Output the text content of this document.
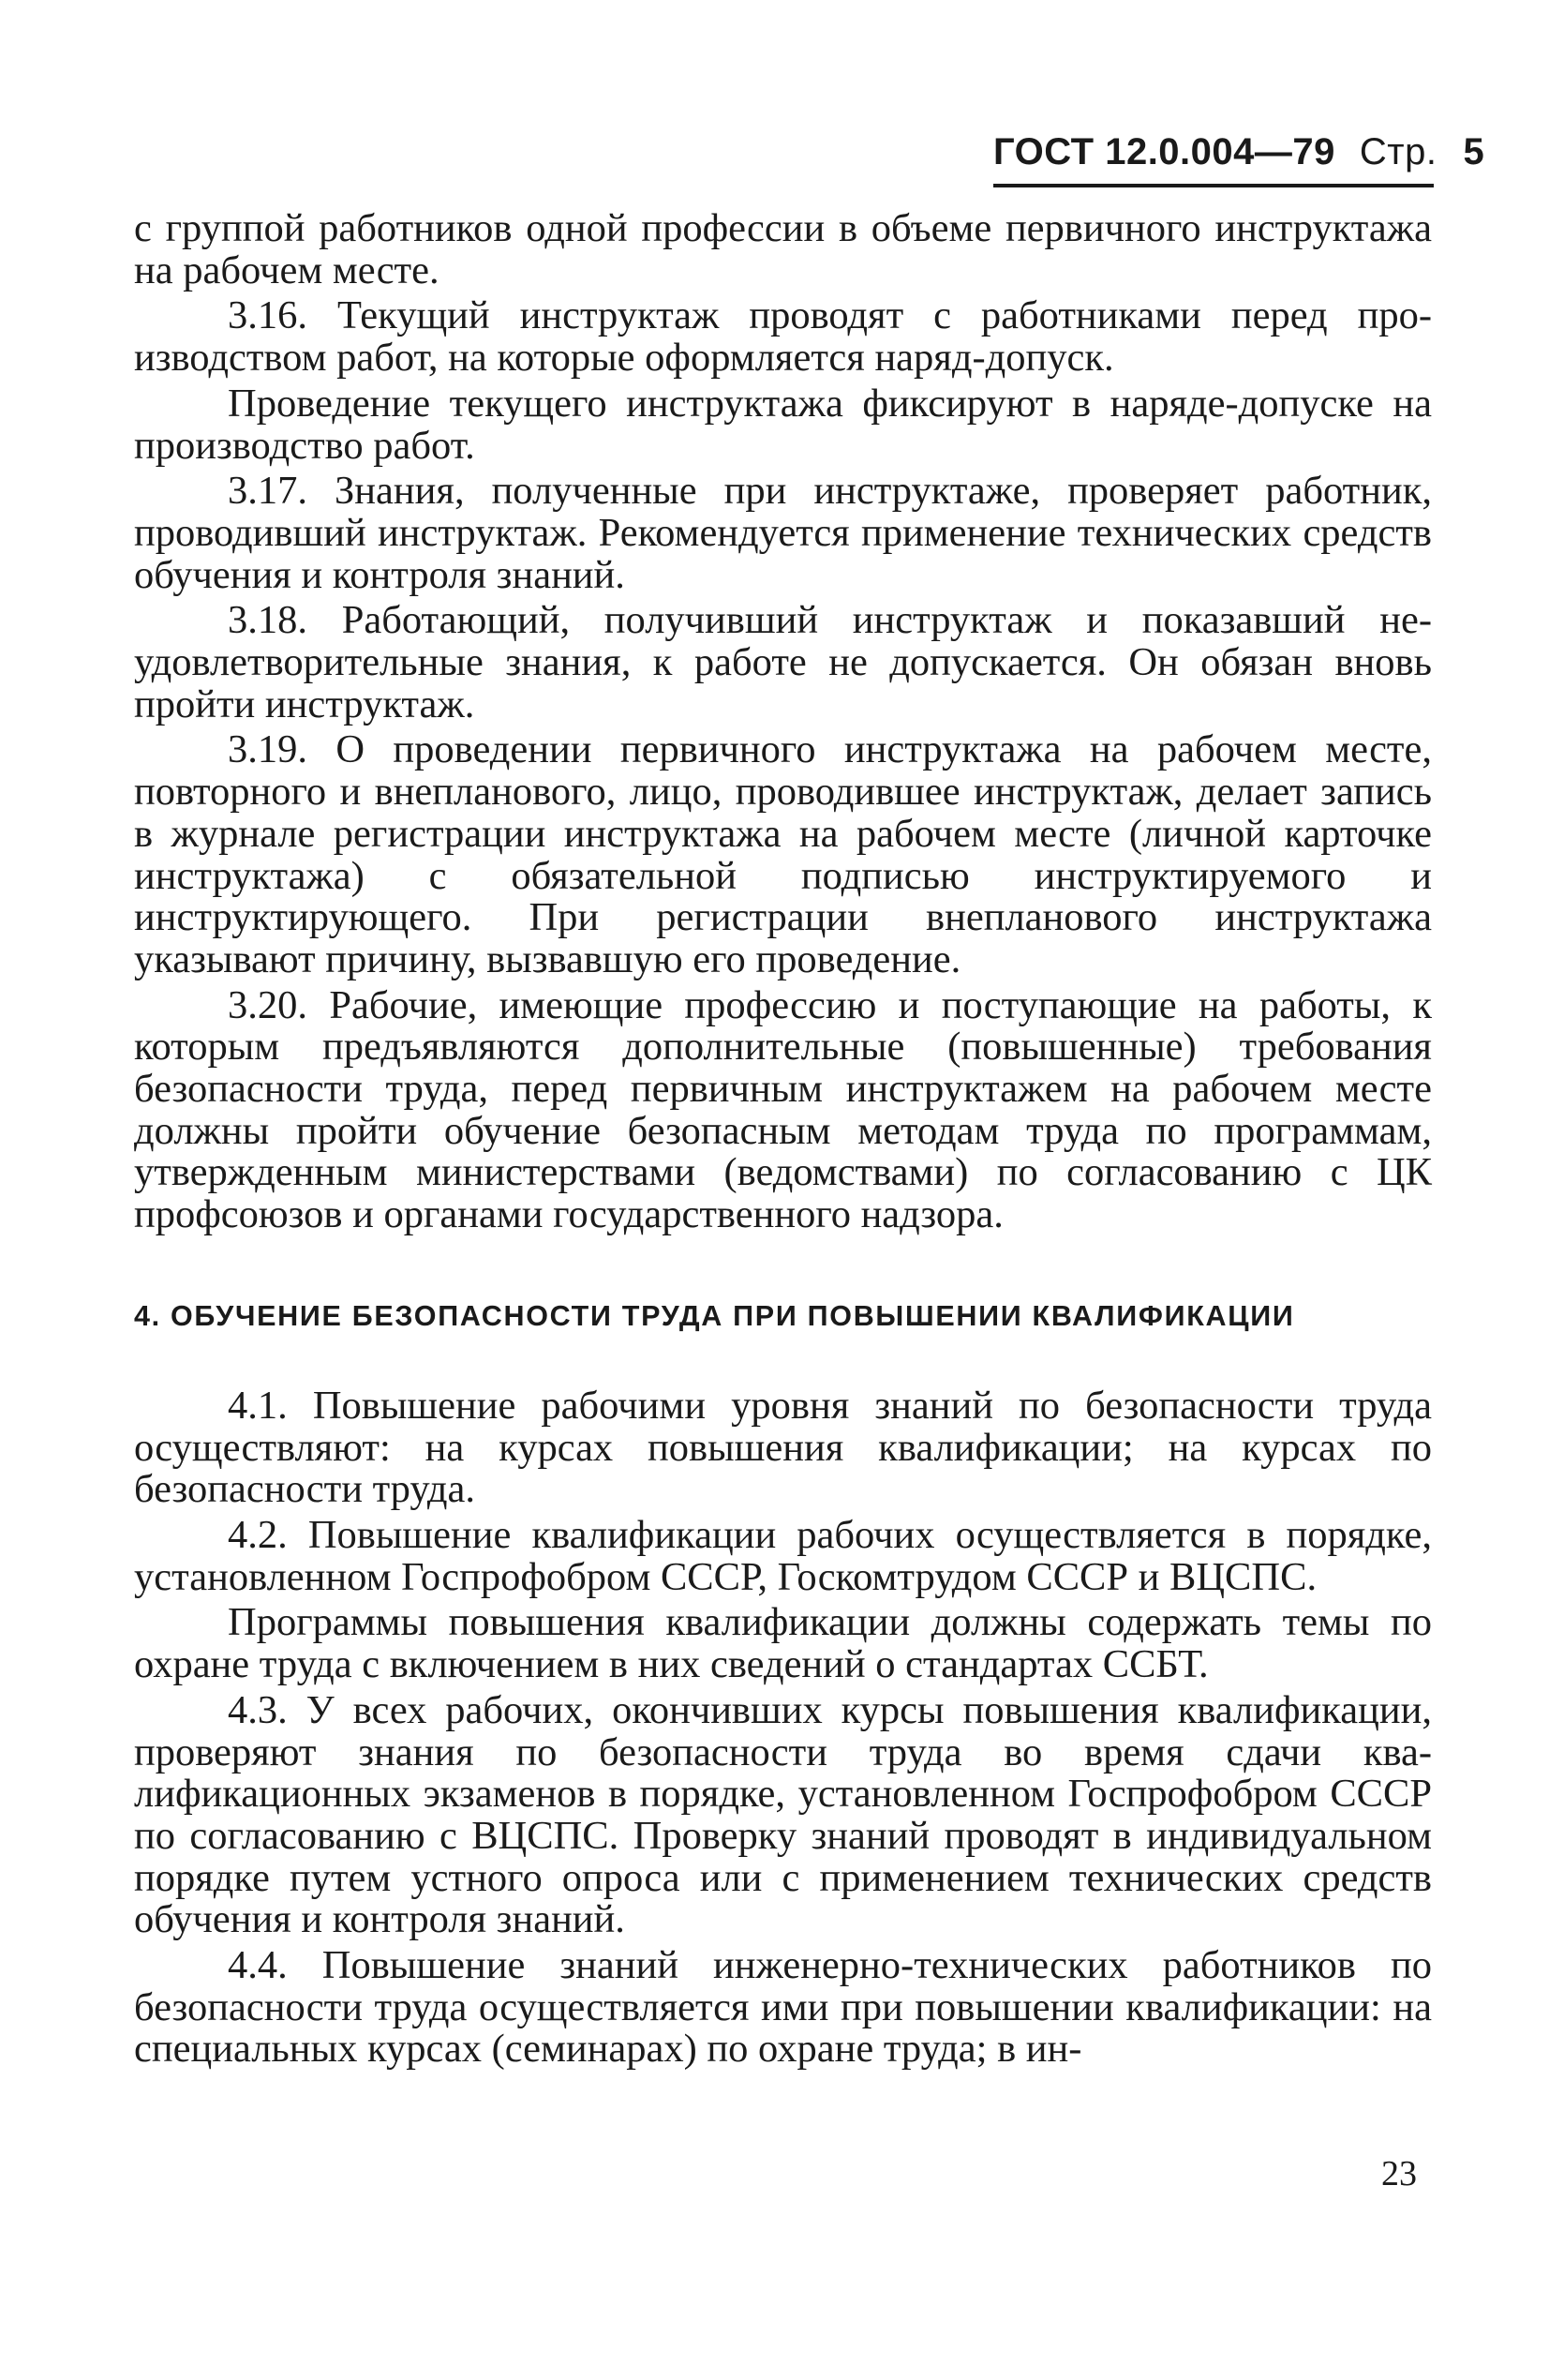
ГОСТ 12.0.004—79 Стр. 5

с группой работников одной профессии в объеме первичного инструктажа на рабочем месте.

3.16. Текущий инструктаж проводят с работниками перед производством работ, на которые оформляется наряд-допуск.

Проведение текущего инструктажа фиксируют в наряде-допуске на производство работ.

3.17. Знания, полученные при инструктаже, проверяет работник, проводивший инструктаж. Рекомендуется применение технических средств обучения и контроля знаний.

3.18. Работающий, получивший инструктаж и показавший неудовлетворительные знания, к работе не допускается. Он обязан вновь пройти инструктаж.

3.19. О проведении первичного инструктажа на рабочем месте, повторного и внепланового, лицо, проводившее инструктаж, делает запись в журнале регистрации инструктажа на рабочем месте (личной карточке инструктажа) с обязательной подписью инструктируемого и инструктирующего. При регистрации внепланового инструктажа указывают причину, вызвавшую его проведение.

3.20. Рабочие, имеющие профессию и поступающие на работы, к которым предъявляются дополнительные (повышенные) требования безопасности труда, перед первичным инструктажем на рабочем месте должны пройти обучение безопасным методам труда по программам, утвержденным министерствами (ведомствами) по согласованию с ЦК профсоюзов и органами государственного надзора.

4. ОБУЧЕНИЕ БЕЗОПАСНОСТИ ТРУДА ПРИ ПОВЫШЕНИИ КВАЛИФИКАЦИИ

4.1. Повышение рабочими уровня знаний по безопасности труда осуществляют: на курсах повышения квалификации; на курсах по безопасности труда.

4.2. Повышение квалификации рабочих осуществляется в порядке, установленном Госпрофобром СССР, Госкомтрудом СССР и ВЦСПС.

Программы повышения квалификации должны содержать темы по охране труда с включением в них сведений о стандартах ССБТ.

4.3. У всех рабочих, окончивших курсы повышения квалификации, проверяют знания по безопасности труда во время сдачи квалификационных экзаменов в порядке, установленном Госпрофобром СССР по согласованию с ВЦСПС. Проверку знаний проводят в индивидуальном порядке путем устного опроса или с применением технических средств обучения и контроля знаний.

4.4. Повышение знаний инженерно-технических работников по безопасности труда осуществляется ими при повышении квалификации: на специальных курсах (семинарах) по охране труда; в ин-

23
